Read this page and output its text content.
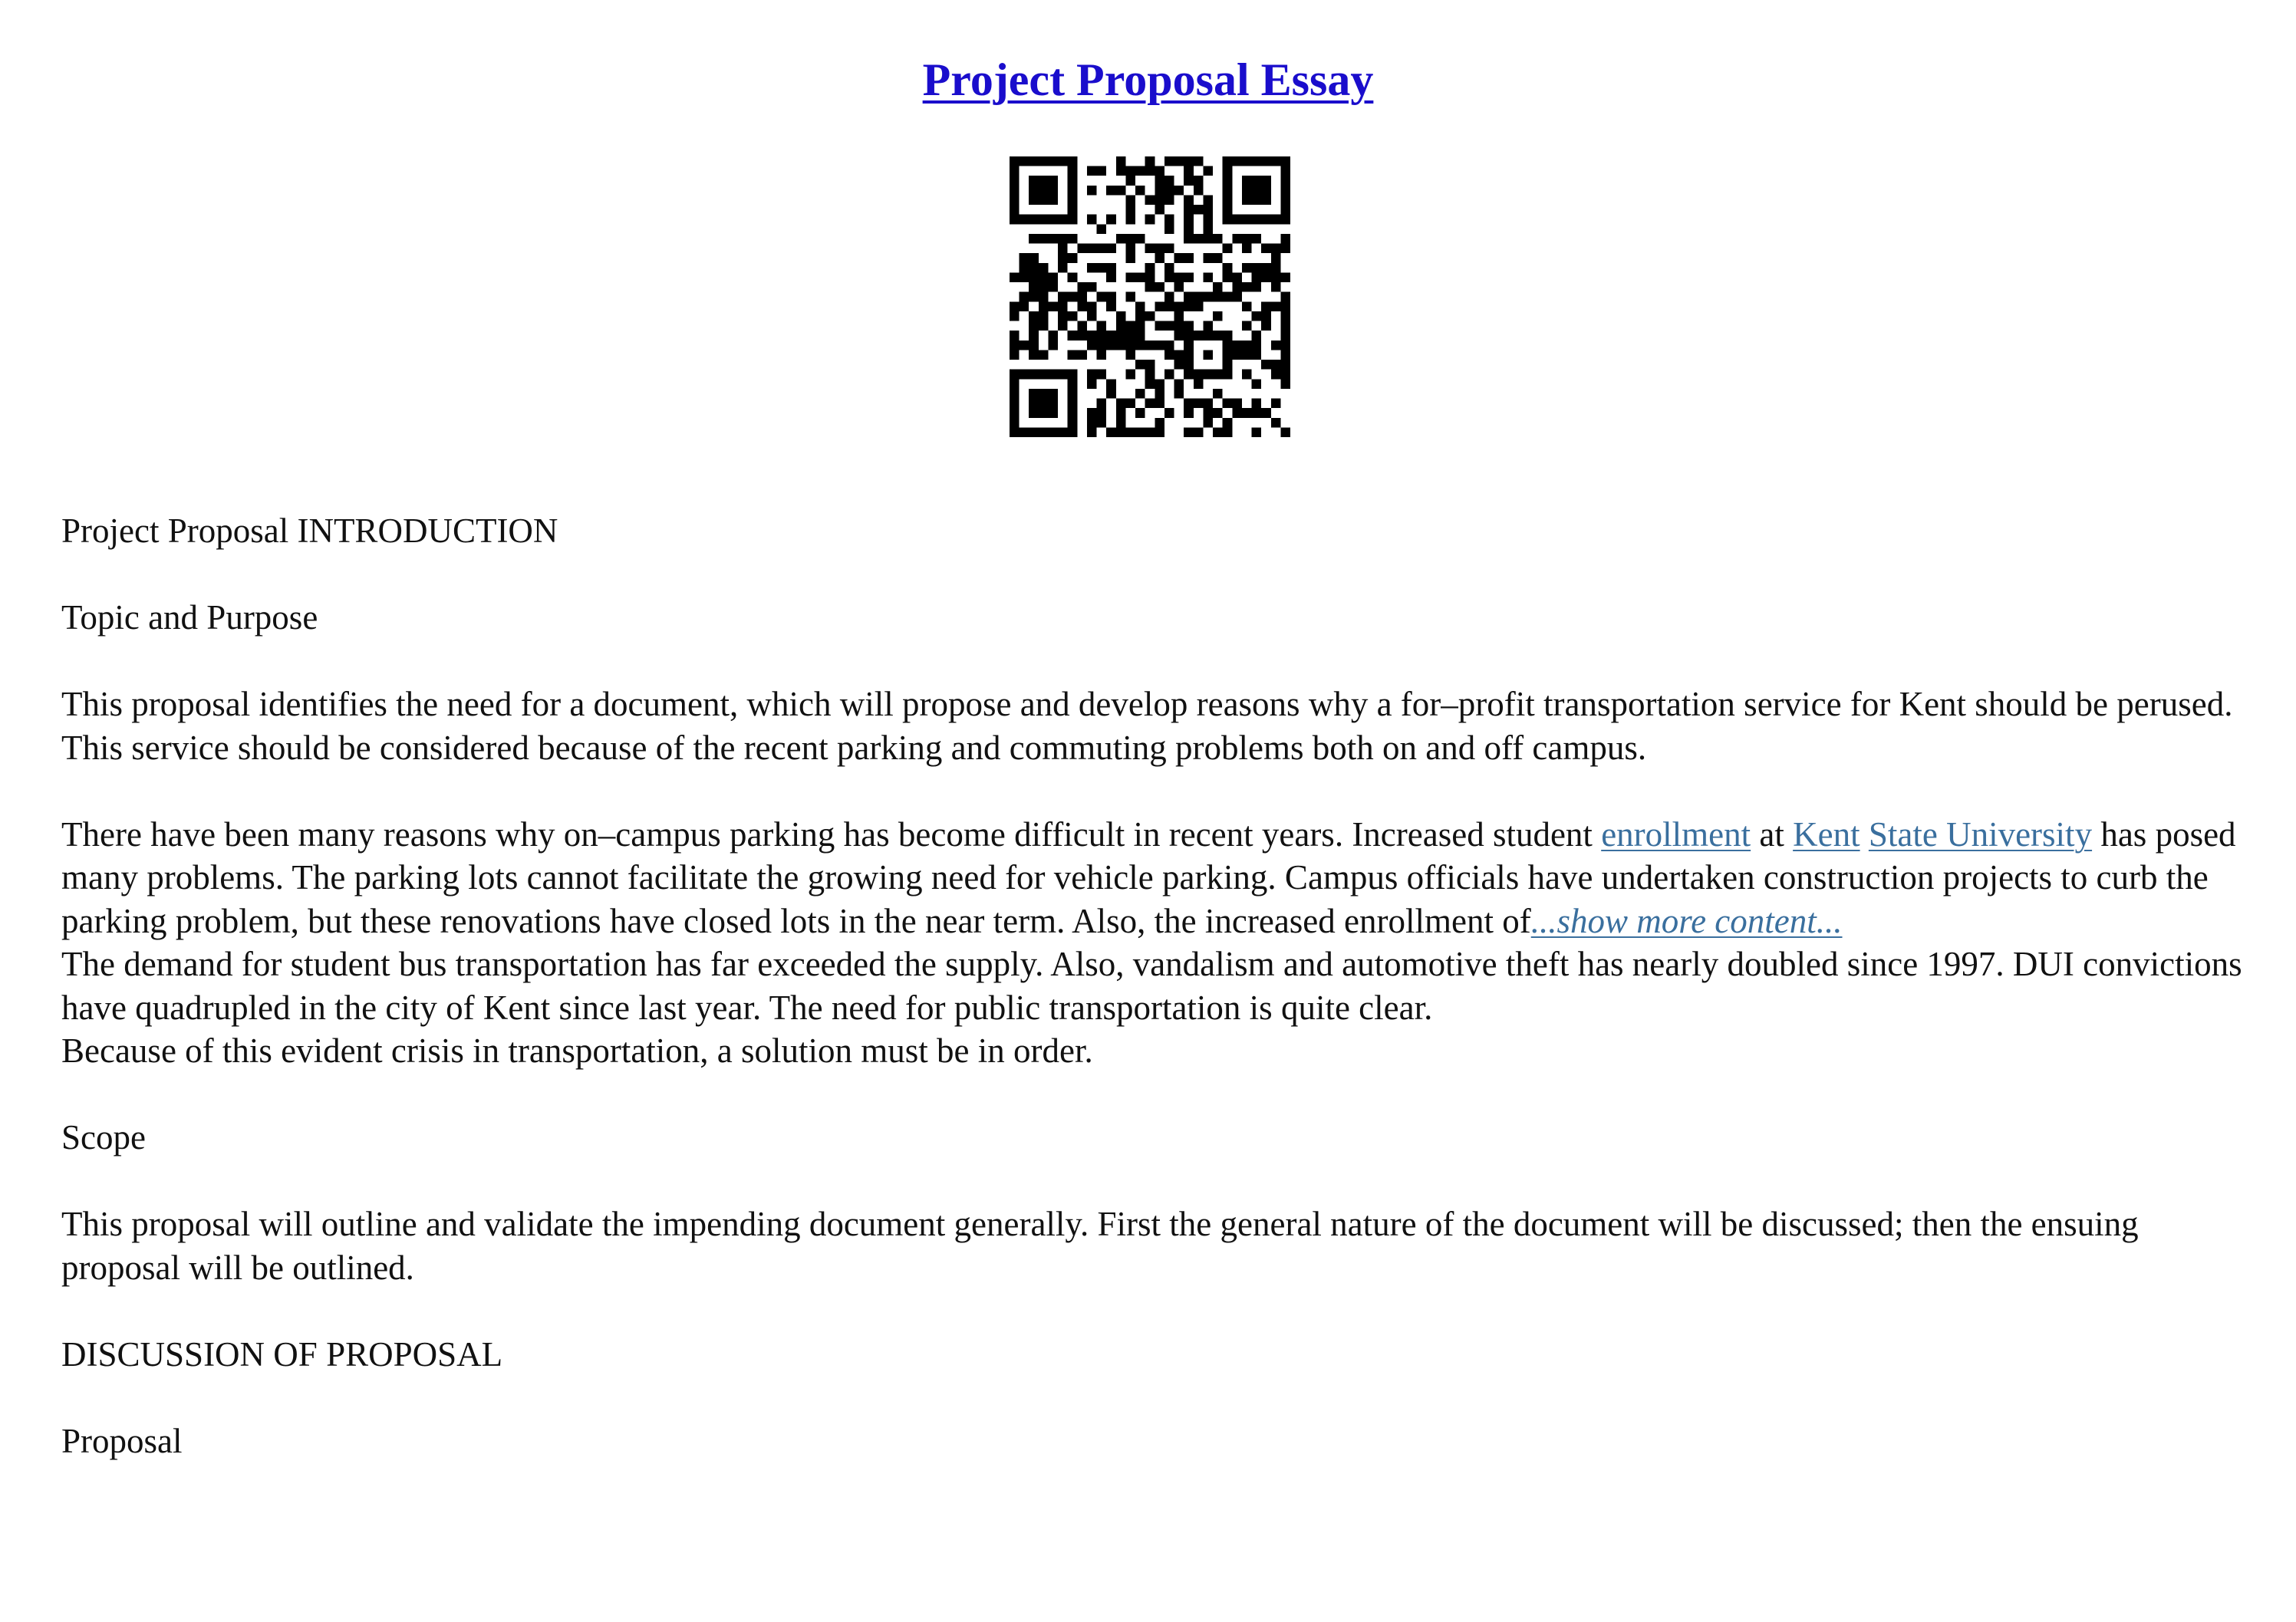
Project Proposal Essay

Project Proposal INTRODUCTION

Topic and Purpose

This proposal identifies the need for a document, which will propose and develop reasons why a for–profit transportation service for Kent should be perused. This service should be considered because of the recent parking and commuting problems both on and off campus.

There have been many reasons why on–campus parking has become difficult in recent years. Increased student enrollment at Kent State University has posed many problems. The parking lots cannot facilitate the growing need for vehicle parking. Campus officials have undertaken construction projects to curb the parking problem, but these renovations have closed lots in the near term. Also, the increased enrollment of...show more content...

The demand for student bus transportation has far exceeded the supply. Also, vandalism and automotive theft has nearly doubled since 1997. DUI convictions have quadrupled in the city of Kent since last year. The need for public transportation is quite clear.

Because of this evident crisis in transportation, a solution must be in order.

Scope

This proposal will outline and validate the impending document generally. First the general nature of the document will be discussed; then the ensuing proposal will be outlined.

DISCUSSION OF PROPOSAL

Proposal
